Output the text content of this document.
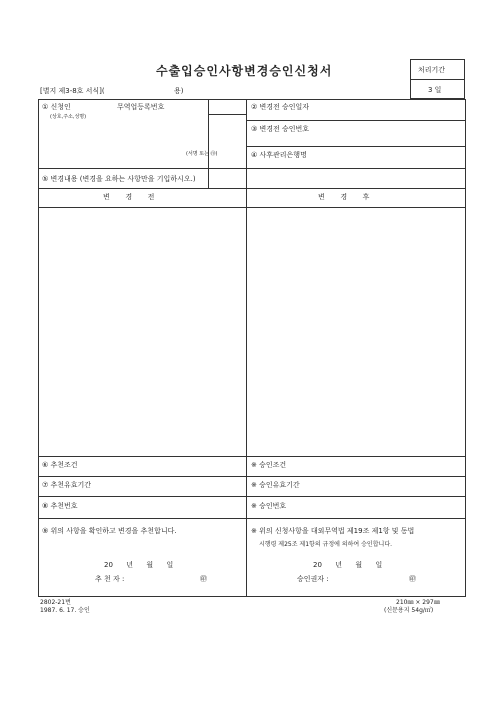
수출입승인사항변경승인신청서
[별지 제3-8호 서식](	용)
처리기간
3 일
① 신청인	무역업등록번호
(상호,주소,성명)
(서명 또는 ㊞)
② 변경전 승인일자
③ 변경전 승인번호
④ 사후관리은행명
⑤ 변경내용 (변경을 요하는 사항만을 기입하시오.)
변       경       전	변       경       후
⑥ 추천조건	※ 승인조건
⑦ 추천유효기간	※ 승인유효기간
⑧ 추천번호	※ 승인번호
⑨ 위의 사항을 확인하고 변경을 추천합니다.	※ 위의 신청사항을 대외무역법 제19조 제1항 및 동법
시행령 제25조 제1항의 규정에 의하여 승인합니다.
20      년      월      일	20      년      월      일
추 천 자 :	㊞	승인권자 :	㊞
2802-21번
1987. 6. 17. 승인
210㎜ × 297㎜
(신문용지 54g/㎡)
